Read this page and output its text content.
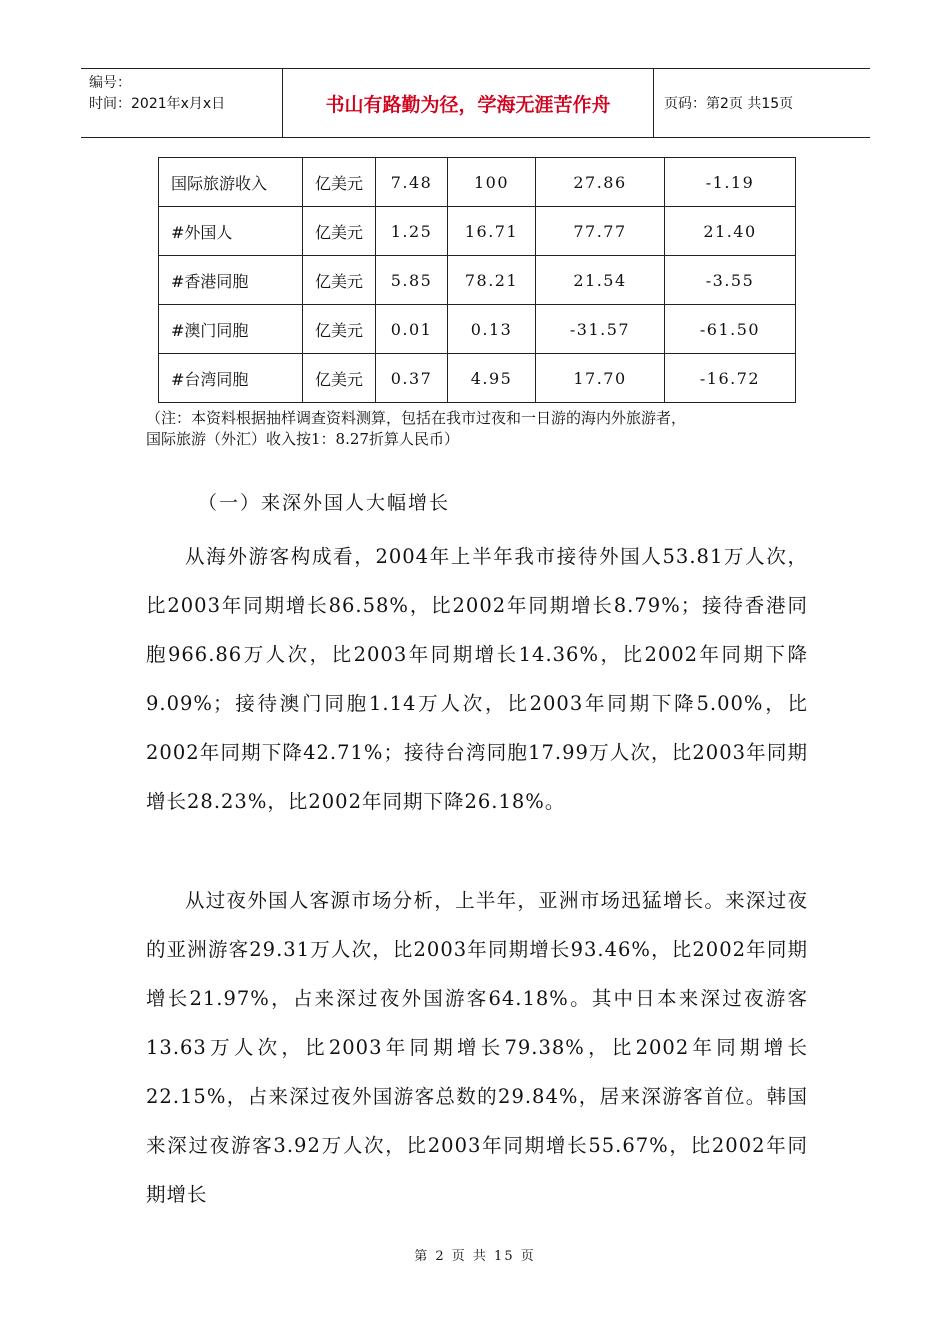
编号：
时间：2021年x月x日	书山有路勤为径，学海无涯苦作舟	页码：第2页 共15页
国际旅游收入	亿美元	7.48	100	27.86	-1.19
#外国人	亿美元	1.25	16.71	77.77	21.40
#香港同胞	亿美元	5.85	78.21	21.54	-3.55
#澳门同胞	亿美元	0.01	0.13	-31.57	-61.50
#台湾同胞	亿美元	0.37	4.95	17.70	-16.72
（注：本资料根据抽样调查资料测算，包括在我市过夜和一日游的海内外旅游者，
国际旅游（外汇）收入按1：8.27折算人民币）
（一）来深外国人大幅增长
从海外游客构成看，2004年上半年我市接待外国人53.81万人次，比2003年同期增长86.58%，比2002年同期增长8.79%；接待香港同胞966.86万人次，比2003年同期增长14.36%，比2002年同期下降9.09%；接待澳门同胞1.14万人次，比2003年同期下降5.00%，比2002年同期下降42.71%；接待台湾同胞17.99万人次，比2003年同期增长28.23%，比2002年同期下降26.18%。
从过夜外国人客源市场分析，上半年，亚洲市场迅猛增长。来深过夜的亚洲游客29.31万人次，比2003年同期增长93.46%，比2002年同期增长21.97%，占来深过夜外国游客64.18%。其中日本来深过夜游客13.63万人次，比2003年同期增长79.38%，比2002年同期增长22.15%，占来深过夜外国游客总数的29.84%，居来深游客首位。韩国来深过夜游客3.92万人次，比2003年同期增长55.67%，比2002年同期增长
第 2 页 共 15 页
